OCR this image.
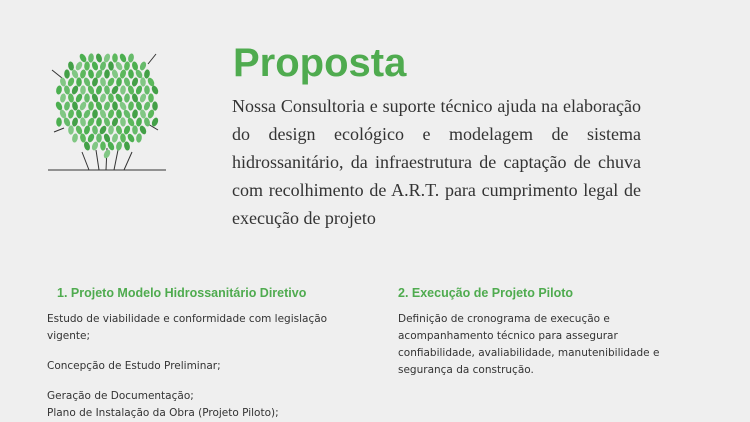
Proposta

Nossa Consultoria e suporte técnico ajuda na elaboração do design ecológico e modelagem de sistema hidrossanitário, da infraestrutura de captação de chuva com recolhimento de A.R.T. para cumprimento legal de execução de projeto

1. Projeto Modelo Hidrossanitário Diretivo

Estudo de viabilidade e conformidade com legislação vigente;

Concepção de Estudo Preliminar;

Geração de Documentação;

Plano de Instalação da Obra (Projeto Piloto);

2. Execução de Projeto Piloto

Definição de cronograma de execução e acompanhamento técnico para assegurar confiabilidade, avaliabilidade, manutenibilidade e segurança da construção.
